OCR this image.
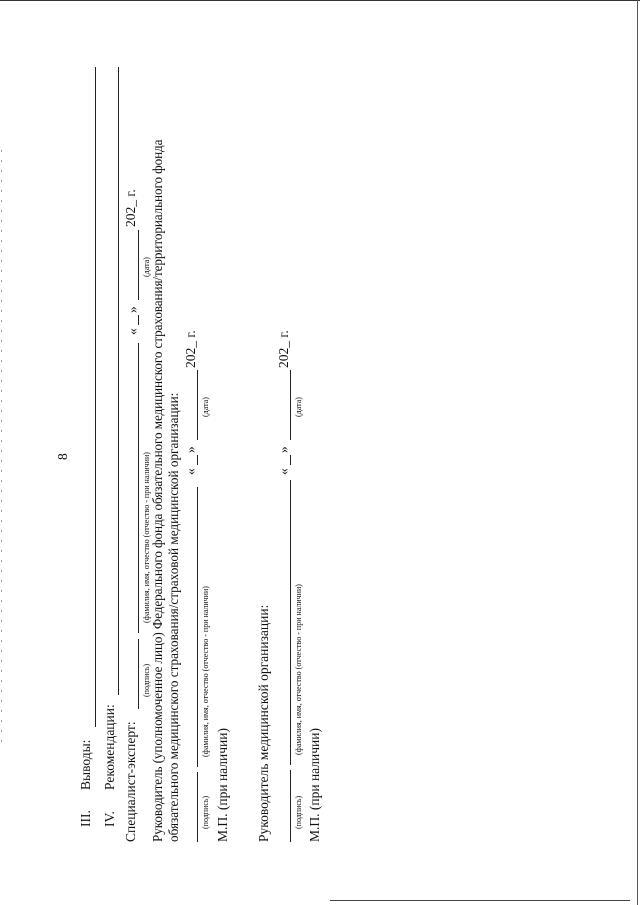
8
III.
Выводы:
IV.
Рекомендации: Специалист-эксперт:
(подпись)
(фамилия, имя, отчество (отчество - при наличии)
«
»
(дата)
202_ г. Руководитель (уполномоченное лицо) Федерального фонда обязательного медицинского страхования/территориального фонда обязательного медицинского страхования/страховой медицинской организации:	(подпись)
(фамилия, имя, отчество (отчество - при наличии)
«
»
(дата)
202_ г.
М.П. (при наличии) Руководитель медицинской организации:	(подпись)
(фамилия, имя, отчество (отчество - при наличии)
«
»
(дата)
202_ г.
М.П. (при наличии)
